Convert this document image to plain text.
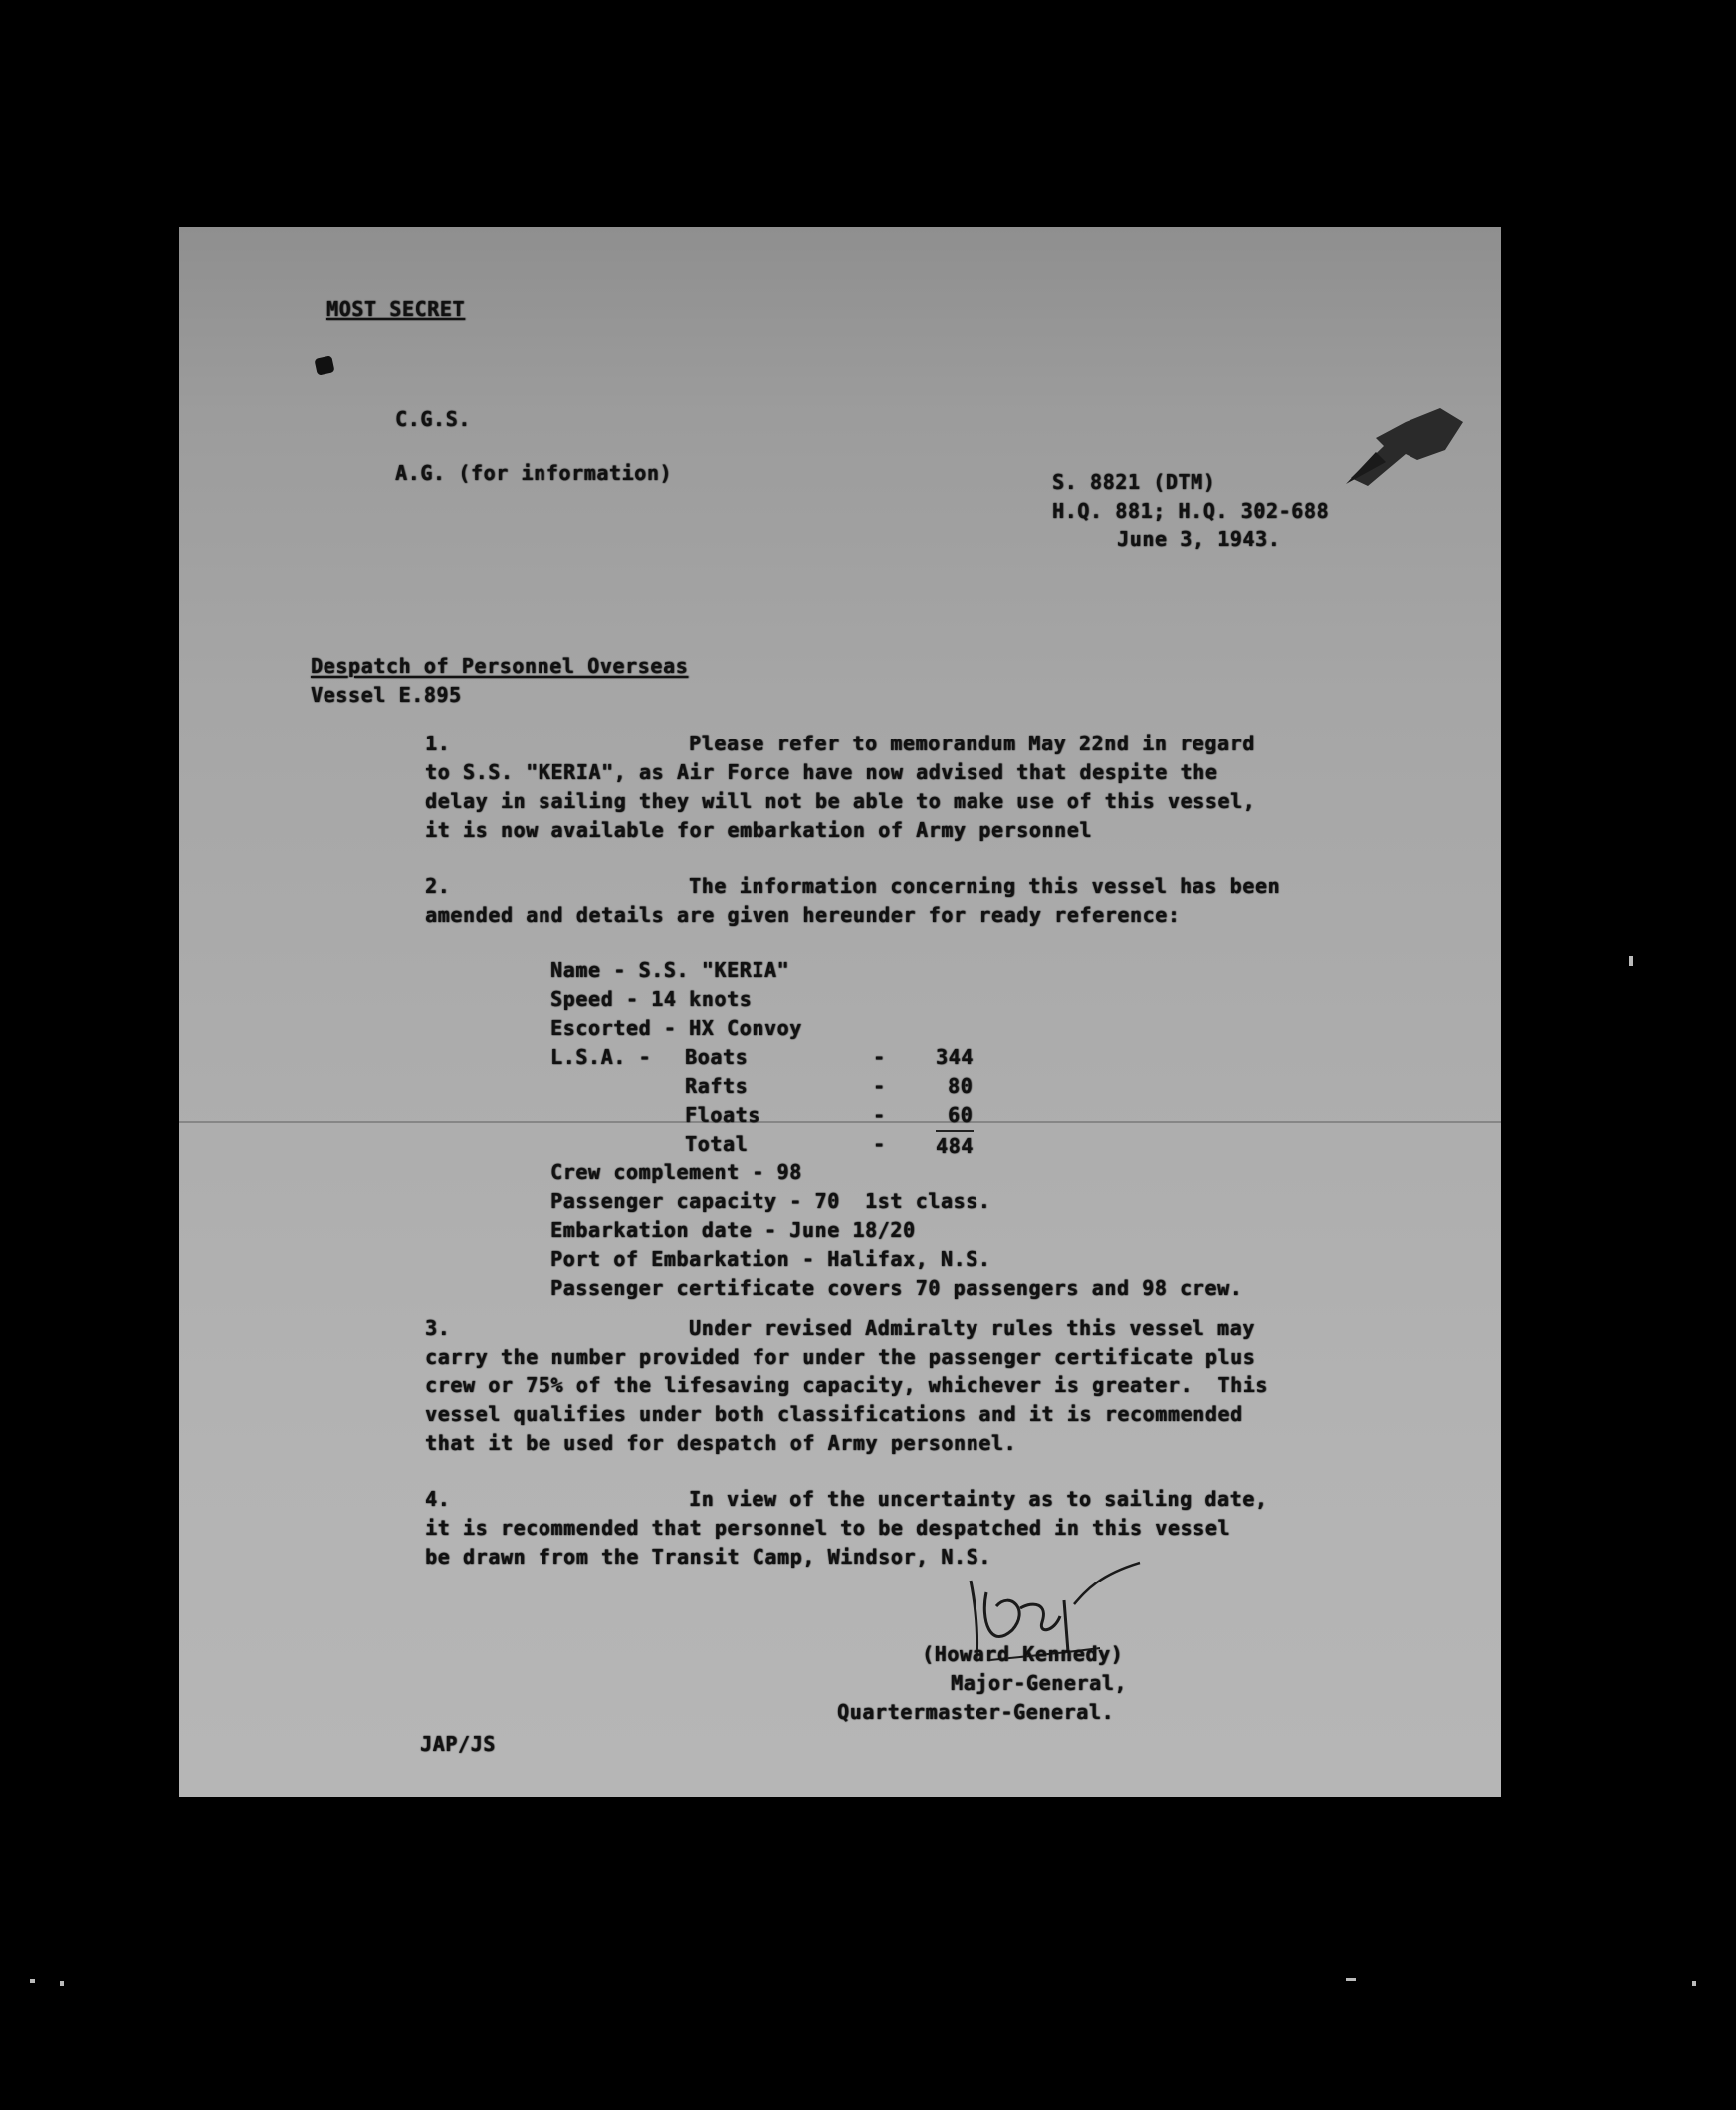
MOST SECRET

C.G.S.

A.G. (for information)	S. 8821 (DTM)

H.Q. 881; H.Q. 302-688

June 3, 1943.

Despatch of Personnel Overseas

Vessel E.895

1.	Please refer to memorandum May 22nd in regard
to S.S. "KERIA", as Air Force have now advised that despite the
delay in sailing they will not be able to make use of this vessel,
it is now available for embarkation of Army personnel

2.	The information concerning this vessel has been
amended and details are given hereunder for ready reference:

Name - S.S. "KERIA"

Speed - 14 knots

Escorted - HX Convoy

L.S.A. - Boats	-	344

Rafts	-	80

Floats	-	60

Total	-	484

Crew complement - 98

Passenger capacity - 70  1st class.

Embarkation date - June 18/20

Port of Embarkation - Halifax, N.S.

Passenger certificate covers 70 passengers and 98 crew.

3.	Under revised Admiralty rules this vessel may
carry the number provided for under the passenger certificate plus
crew or 75% of the lifesaving capacity, whichever is greater.  This
vessel qualifies under both classifications and it is recommended
that it be used for despatch of Army personnel.

4.	In view of the uncertainty as to sailing date,
it is recommended that personnel to be despatched in this vessel
be drawn from the Transit Camp, Windsor, N.S.

(Howard Kennedy)

Major-General,

Quartermaster-General.

JAP/JS
